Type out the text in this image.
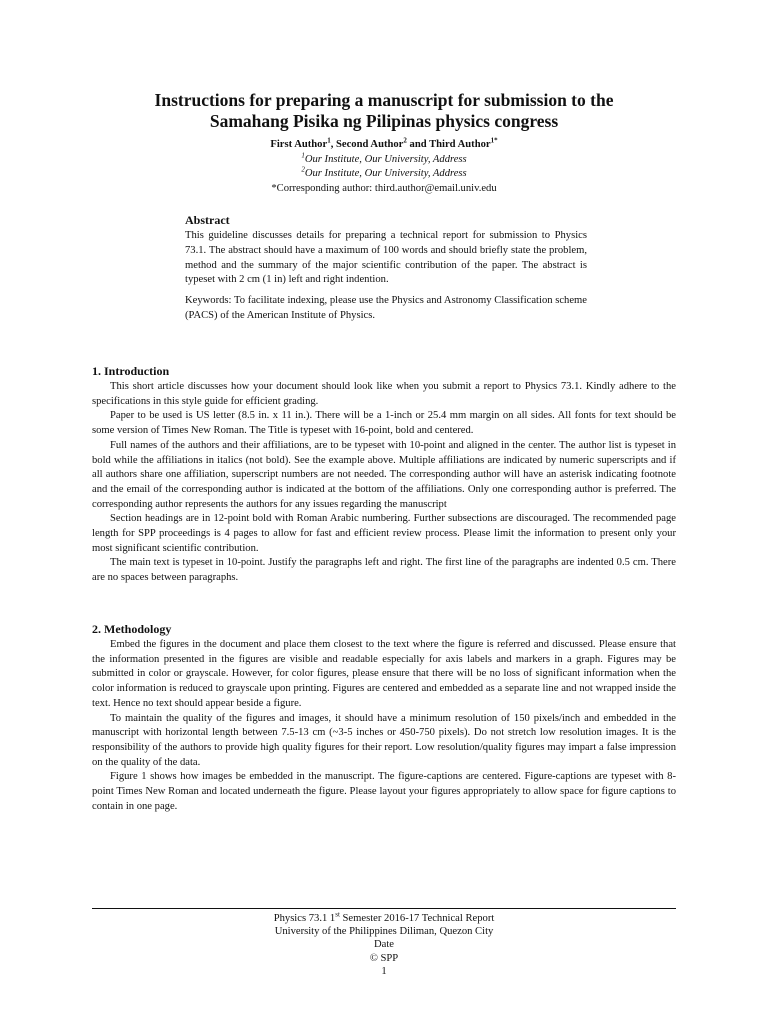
Instructions for preparing a manuscript for submission to the
Samahang Pisika ng Pilipinas physics congress
First Author$^1$, Second Author$^2$ and Third Author$^{1*}$
$^1$Our Institute, Our University, Address
$^2$Our Institute, Our University, Address
*Corresponding author: third.author@email.univ.edu
Abstract

This guideline discusses details for preparing a technical report for submission to Physics 73.1. The abstract should have a maximum of 100 words and should briefly state the problem, method and the summary of the major scientific contribution of the paper. The abstract is typeset with 2 cm (1 in) left and right indention.

Keywords: To facilitate indexing, please use the Physics and Astronomy Classification scheme (PACS) of the American Institute of Physics.

1. Introduction

This short article discusses how your document should look like when you submit a report to Physics 73.1. Kindly adhere to the specifications in this style guide for efficient grading.

Paper to be used is US letter (8.5 in. x 11 in.). There will be a 1-inch or 25.4 mm margin on all sides. All fonts for text should be some version of Times New Roman. The Title is typeset with 16-point, bold and centered.

Full names of the authors and their affiliations, are to be typeset with 10-point and aligned in the center. The author list is typeset in bold while the affiliations in italics (not bold). See the example above. Multiple affiliations are indicated by numeric superscripts and if all authors share one affiliation, superscript numbers are not needed. The corresponding author will have an asterisk indicating footnote and the email of the corresponding author is indicated at the bottom of the affiliations. Only one corresponding author is preferred. The corresponding author represents the authors for any issues regarding the manuscript

Section headings are in 12-point bold with Roman Arabic numbering. Further subsections are discouraged. The recommended page length for SPP proceedings is 4 pages to allow for fast and efficient review process. Please limit the information to present only your most significant scientific contribution.

The main text is typeset in 10-point. Justify the paragraphs left and right. The first line of the paragraphs are indented 0.5 cm. There are no spaces between paragraphs.

2. Methodology

Embed the figures in the document and place them closest to the text where the figure is referred and discussed. Please ensure that the information presented in the figures are visible and readable especially for axis labels and markers in a graph. Figures may be submitted in color or grayscale. However, for color figures, please ensure that there will be no loss of significant information when the color information is reduced to grayscale upon printing. Figures are centered and embedded as a separate line and not wrapped inside the text. Hence no text should appear beside a figure.

To maintain the quality of the figures and images, it should have a minimum resolution of 150 pixels/inch and embedded in the manuscript with horizontal length between 7.5-13 cm (~3-5 inches or 450-750 pixels). Do not stretch low resolution images. It is the responsibility of the authors to provide high quality figures for their report. Low resolution/quality figures may impart a false impression on the quality of the data.

Figure 1 shows how images be embedded in the manuscript. The figure-captions are centered. Figure-captions are typeset with 8-point Times New Roman and located underneath the figure. Please layout your figures appropriately to allow space for figure captions to contain in one page.

Physics 73.1 1st Semester 2016-17 Technical Report
University of the Philippines Diliman, Quezon City
Date
© SPP
1
